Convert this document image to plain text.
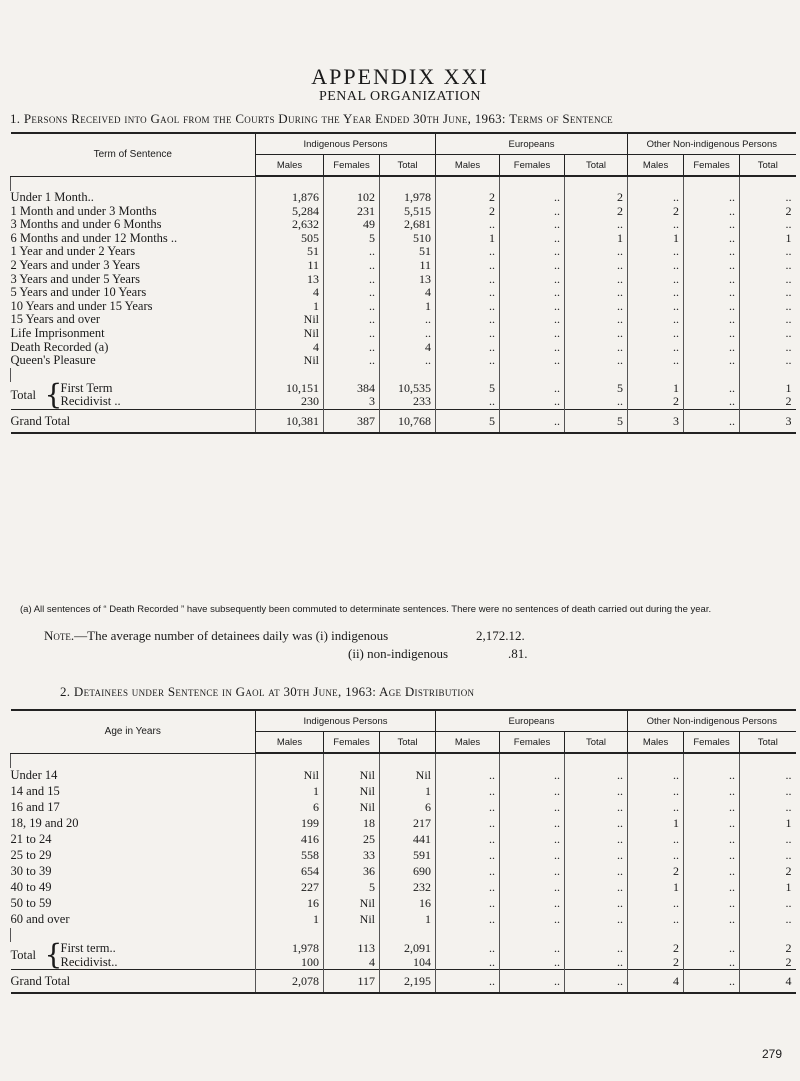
APPENDIX XXI
PENAL ORGANIZATION
1. Persons Received into Gaol from the Courts During the Year Ended 30th June, 1963: Terms of Sentence
Term of Sentence	Indigenous Persons			Europeans			Other Non-indigenous Persons		
	Males	Females	Total	Males	Females	Total	Males	Females	Total

Under 1 Month..	1,876	102	1,978	2	..	2	..	..	..
1 Month and under 3 Months	5,284	231	5,515	2	..	2	2	..	2
3 Months and under 6 Months	2,632	49	2,681	..	..	..	..	..	..
6 Months and under 12 Months ..	505	5	510	1	..	1	1	..	1
1 Year and under 2 Years	51	..	51	..	..	..	..	..	..
2 Years and under 3 Years	11	..	11	..	..	..	..	..	..
3 Years and under 5 Years	13	..	13	..	..	..	..	..	..
5 Years and under 10 Years	4	..	4	..	..	..	..	..	..
10 Years and under 15 Years	1	..	1	..	..	..	..	..	..
15 Years and over	Nil	..	..	..	..	..	..	..	..
Life Imprisonment	Nil	..	..	..	..	..	..	..	..
Death Recorded (a)	4	..	4	..	..	..	..	..	..
Queen's Pleasure	Nil	..	..	..	..	..	..	..	..

Total {
First Term	10,151	384	10,535	5	..	5	1	..	1

Recidivist ..	230	3	233	..	..	..	2	..	2
Grand Total	10,381	387	10,768	5	..	5	3	..	3
(a) All sentences of “ Death Recorded ” have subsequently been commuted to determinate sentences. There were no sentences of death carried out during the year.
Note.—The average number of detainees daily was (i) indigenous	2,172.12.
(ii) non-indigenous	.81.
2. Detainees under Sentence in Gaol at 30th June, 1963: Age Distribution
Age in Years	Indigenous Persons			Europeans			Other Non-indigenous Persons		
	Males	Females	Total	Males	Females	Total	Males	Females	Total

Under 14	Nil	Nil	Nil	..	..	..	..	..	..
14 and 15	1	Nil	1	..	..	..	..	..	..
16 and 17	6	Nil	6	..	..	..	..	..	..
18, 19 and 20	199	18	217	..	..	..	1	..	1
21 to 24	416	25	441	..	..	..	..	..	..
25 to 29	558	33	591	..	..	..	..	..	..
30 to 39	654	36	690	..	..	..	2	..	2
40 to 49	227	5	232	..	..	..	1	..	1
50 to 59	16	Nil	16	..	..	..	..	..	..
60 and over	1	Nil	1	..	..	..	..	..	..

Total {
First term..	1,978	113	2,091	..	..	..	2	..	2

Recidivist..	100	4	104	..	..	..	2	..	2
Grand Total	2,078	117	2,195	..	..	..	4	..	4
279
